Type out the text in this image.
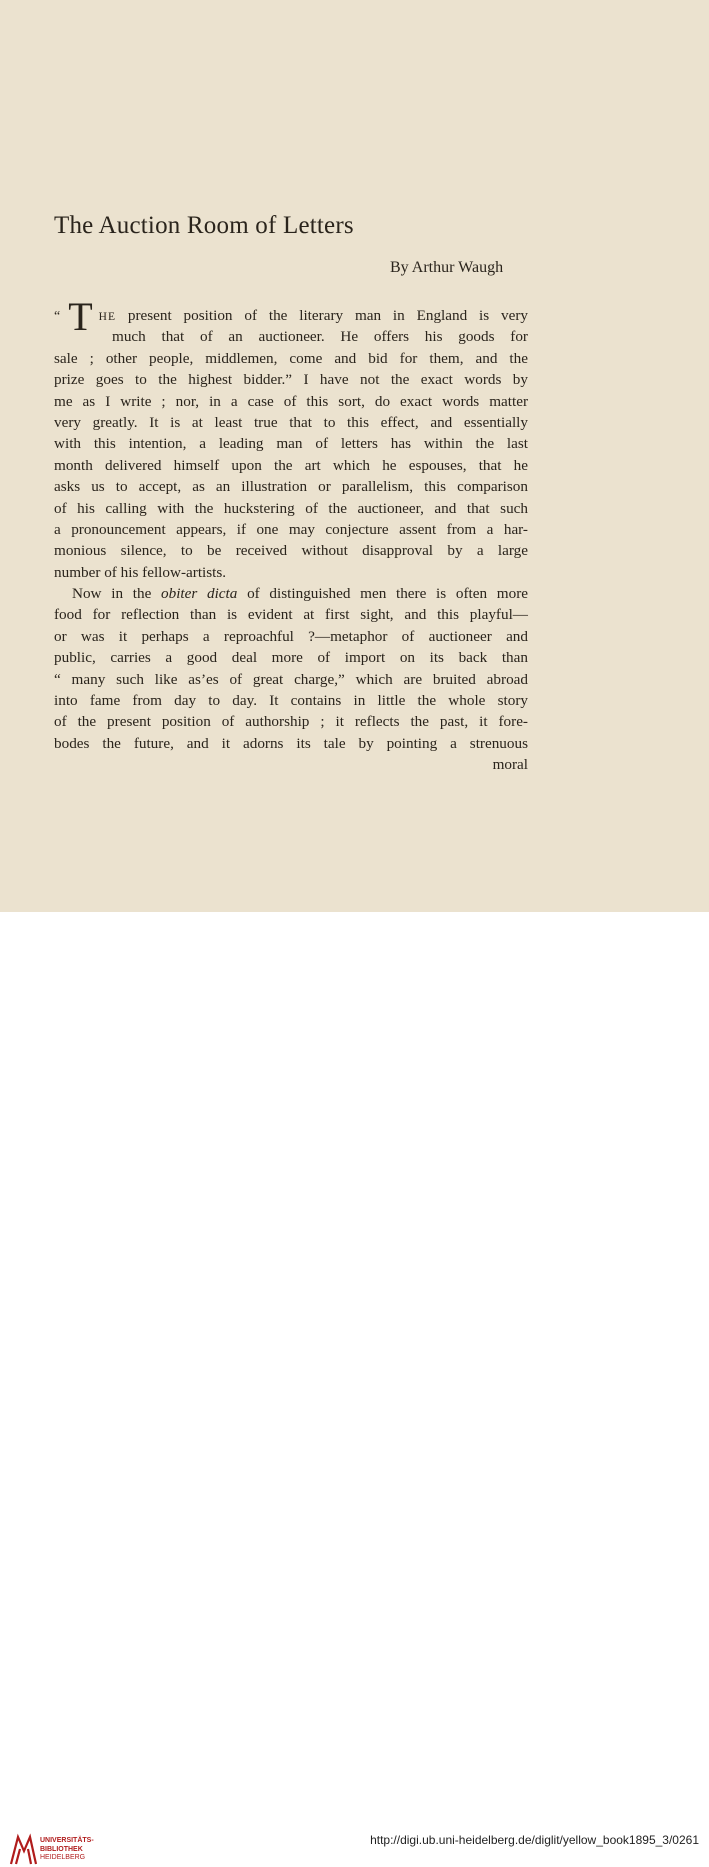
The Auction Room of Letters
By Arthur Waugh
“ T HE present position of the literary man in England is very
much that of an auctioneer. He offers his goods for
sale ; other people, middlemen, come and bid for them, and the
prize goes to the highest bidder.” I have not the exact words by
me as I write ; nor, in a case of this sort, do exact words matter
very greatly. It is at least true that to this effect, and essentially
with this intention, a leading man of letters has within the last
month delivered himself upon the art which he espouses, that he
asks us to accept, as an illustration or parallelism, this comparison
of his calling with the huckstering of the auctioneer, and that such
a pronouncement appears, if one may conjecture assent from a har-
monious silence, to be received without disapproval by a large
number of his fellow-artists.
Now in the obiter dicta of distinguished men there is often more
food for reflection than is evident at first sight, and this playful—
or was it perhaps a reproachful ?—metaphor of auctioneer and
public, carries a good deal more of import on its back than
“ many such like as’es of great charge,” which are bruited abroad
into fame from day to day. It contains in little the whole story
of the present position of authorship ; it reflects the past, it fore-
bodes the future, and it adorns its tale by pointing a strenuous
moral
UNIVERSITÄTS-
BIBLIOTHEK
HEIDELBERG
http://digi.ub.uni-heidelberg.de/diglit/yellow_book1895_3/0261
